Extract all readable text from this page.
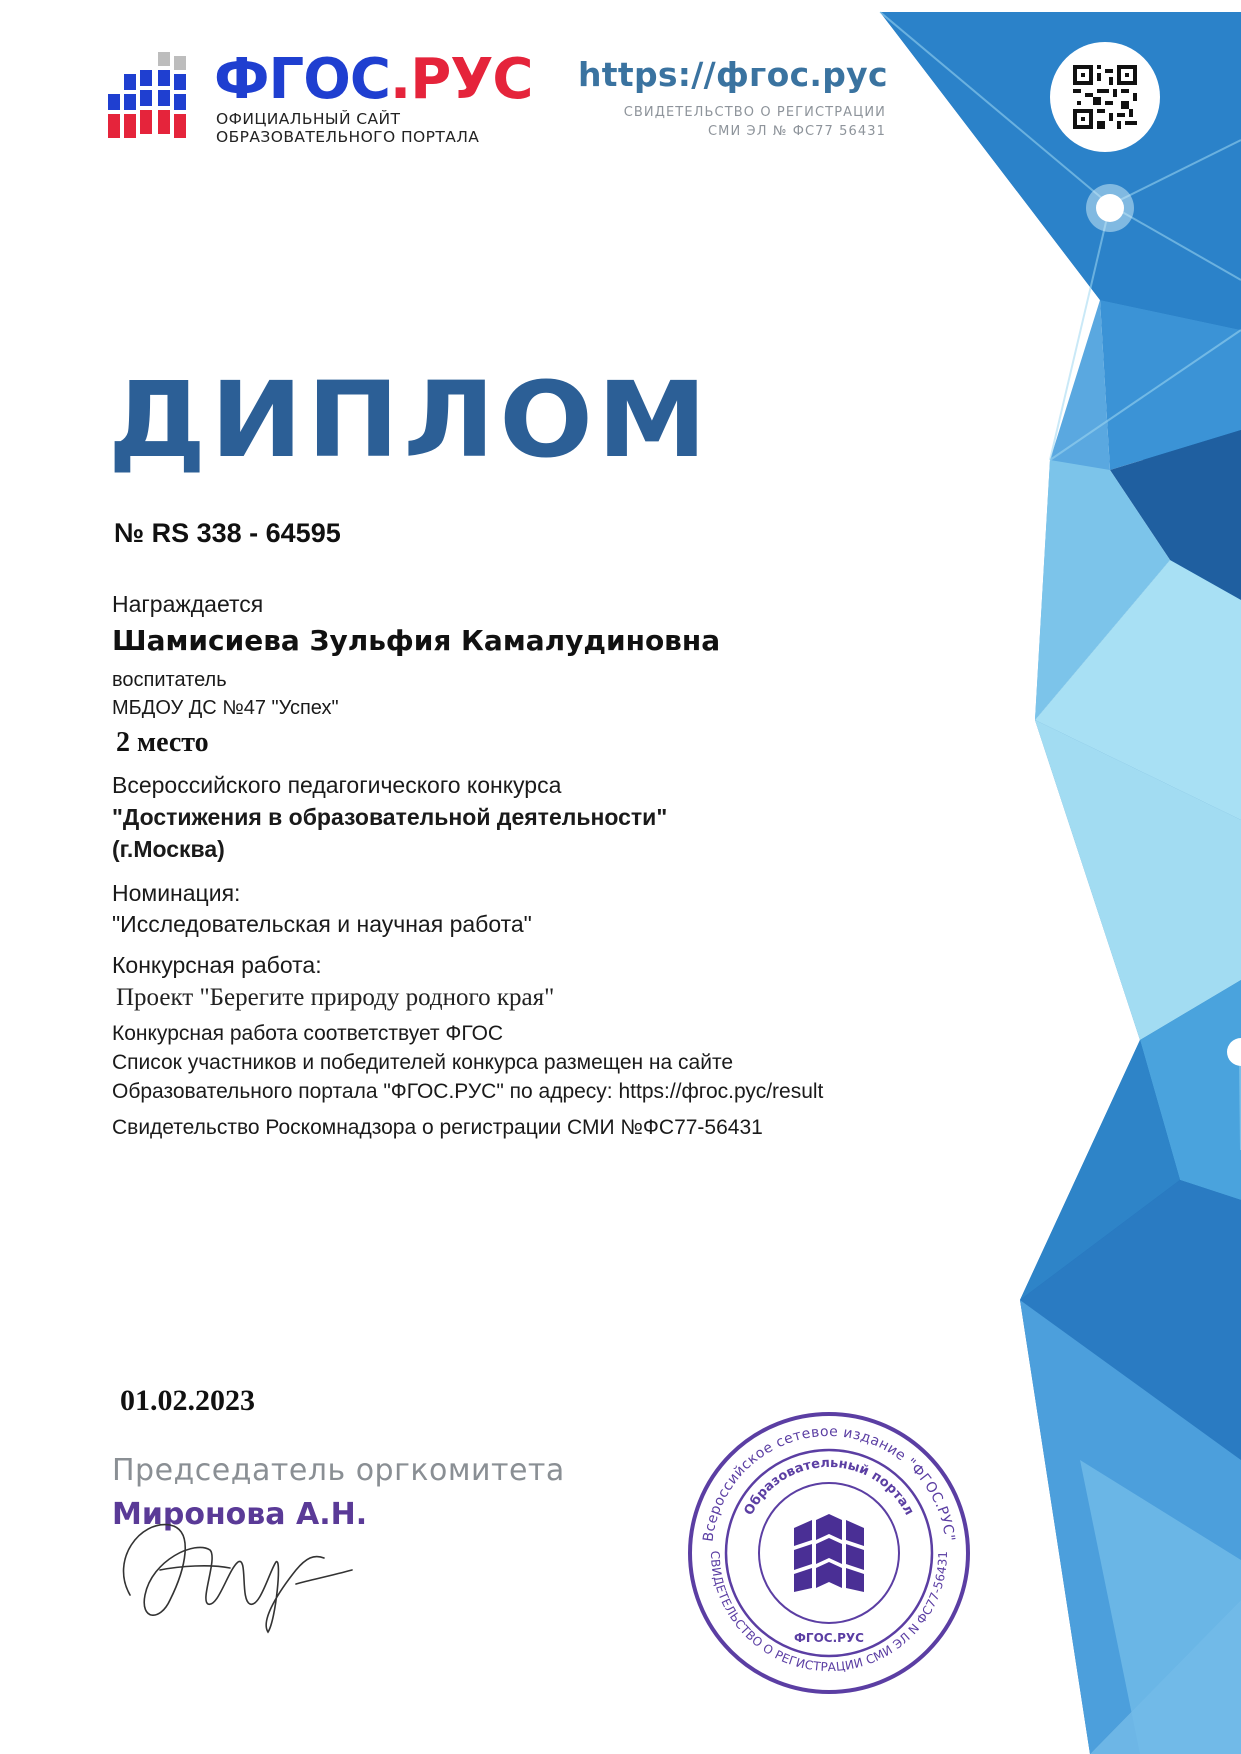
ФГОС.РУС
ОФИЦИАЛЬНЫЙ САЙТ
ОБРАЗОВАТЕЛЬНОГО ПОРТАЛА
https://фгос.рус
СВИДЕТЕЛЬСТВО О РЕГИСТРАЦИИ
СМИ ЭЛ № ФС77 56431
ДИПЛОМ
№ RS 338 - 64595
Награждается
Шамисиева Зульфия Камалудиновна
воспитатель
МБДОУ ДС №47 "Успех"
2 место
Всероссийского педагогического конкурса
"Достижения в образовательной деятельности"
(г.Москва)
Номинация:
"Исследовательская и научная работа"
Конкурсная работа:
Проект "Берегите природу родного края"
Конкурсная работа соответствует ФГОС
Список участников и победителей конкурса размещен на сайте
Образовательного портала "ФГОС.РУС" по адресу: https://фгос.рус/result
Свидетельство Роскомнадзора о регистрации СМИ №ФС77-56431
01.02.2023
Председатель оргкомитета
Миронова А.Н.
Всероссийское сетевое издание "ФГОС.РУС"
Образовательный портал
СВИДЕТЕЛЬСТВО О РЕГИСТРАЦИИ СМИ ЭЛ N ФС77-56431
ФГОС.РУС
